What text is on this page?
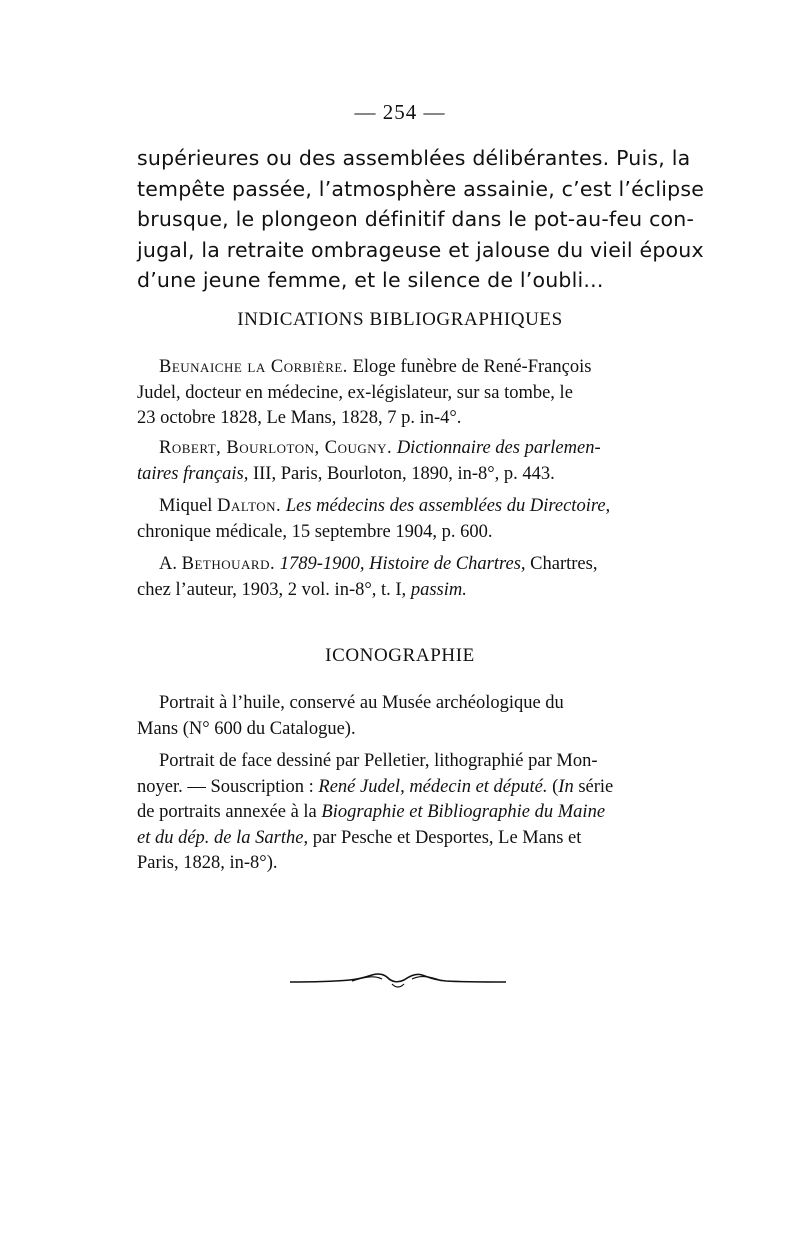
— 254 —
supérieures ou des assemblées délibérantes. Puis, la
tempête passée, l’atmosphère assainie, c’est l’éclipse
brusque, le plongeon définitif dans le pot-au-feu con-
jugal, la retraite ombrageuse et jalouse du vieil époux
d’une jeune femme, et le silence de l’oubli...
INDICATIONS BIBLIOGRAPHIQUES
Beunaiche la Corbière. Eloge funèbre de René-François
Judel, docteur en médecine, ex-législateur, sur sa tombe, le
23 octobre 1828, Le Mans, 1828, 7 p. in-4°.
Robert, Bourloton, Cougny. Dictionnaire des parlemen-
taires français, III, Paris, Bourloton, 1890, in-8°, p. 443.
Miquel Dalton. Les médecins des assemblées du Directoire,
chronique médicale, 15 septembre 1904, p. 600.
A. Bethouard. 1789-1900, Histoire de Chartres, Chartres,
chez l’auteur, 1903, 2 vol. in-8°, t. I, passim.
ICONOGRAPHIE
Portrait à l’huile, conservé au Musée archéologique du
Mans (N° 600 du Catalogue).
Portrait de face dessiné par Pelletier, lithographié par Mon-
noyer. — Souscription : René Judel, médecin et député. (In série
de portraits annexée à la Biographie et Bibliographie du Maine
et du dép. de la Sarthe, par Pesche et Desportes, Le Mans et
Paris, 1828, in-8°).
